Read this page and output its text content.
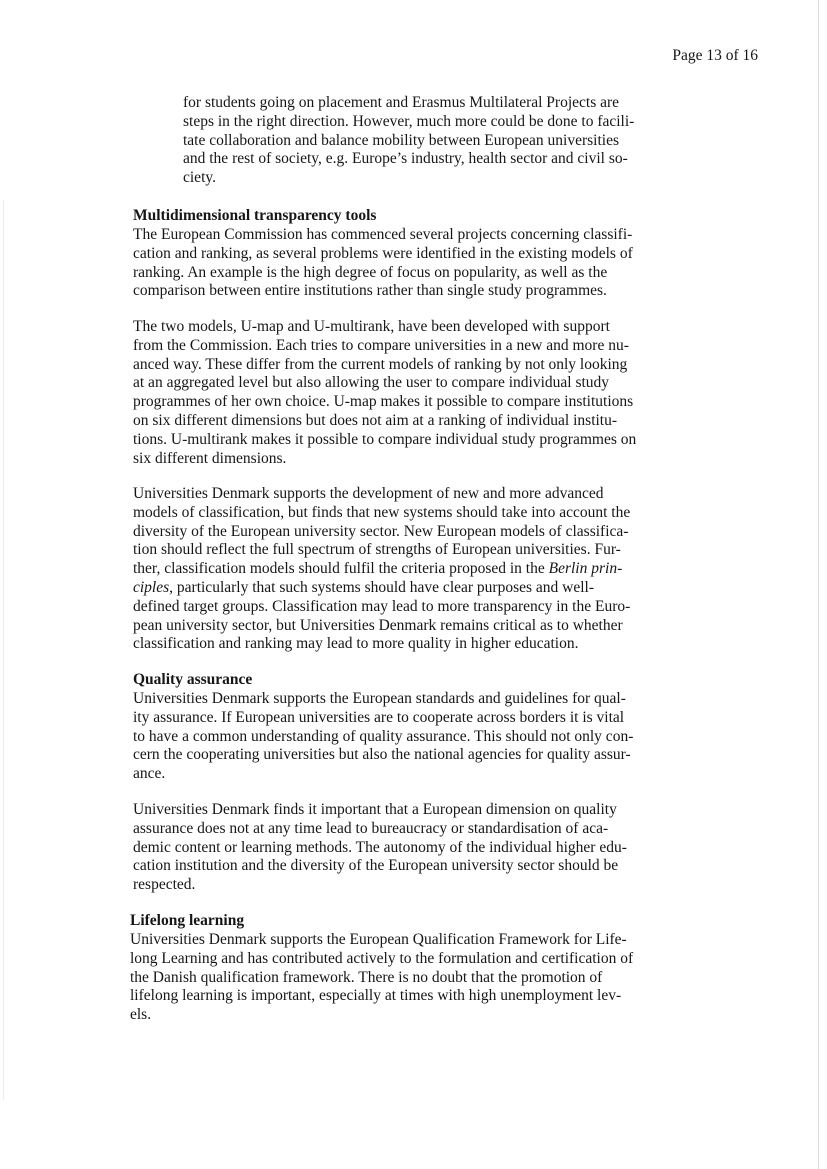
Page 13 of 16
for students going on placement and Erasmus Multilateral Projects are
steps in the right direction. However, much more could be done to facili-
tate collaboration and balance mobility between European universities
and the rest of society, e.g. Europe’s industry, health sector and civil so-
ciety.
Multidimensional transparency tools
The European Commission has commenced several projects concerning classifi-
cation and ranking, as several problems were identified in the existing models of
ranking. An example is the high degree of focus on popularity, as well as the
comparison between entire institutions rather than single study programmes.
The two models, U-map and U-multirank, have been developed with support
from the Commission. Each tries to compare universities in a new and more nu-
anced way. These differ from the current models of ranking by not only looking
at an aggregated level but also allowing the user to compare individual study
programmes of her own choice. U-map makes it possible to compare institutions
on six different dimensions but does not aim at a ranking of individual institu-
tions. U-multirank makes it possible to compare individual study programmes on
six different dimensions.
Universities Denmark supports the development of new and more advanced
models of classification, but finds that new systems should take into account the
diversity of the European university sector. New European models of classifica-
tion should reflect the full spectrum of strengths of European universities. Fur-
ther, classification models should fulfil the criteria proposed in the Berlin prin-
ciples, particularly that such systems should have clear purposes and well-
defined target groups. Classification may lead to more transparency in the Euro-
pean university sector, but Universities Denmark remains critical as to whether
classification and ranking may lead to more quality in higher education.
Quality assurance
Universities Denmark supports the European standards and guidelines for qual-
ity assurance. If European universities are to cooperate across borders it is vital
to have a common understanding of quality assurance. This should not only con-
cern the cooperating universities but also the national agencies for quality assur-
ance.
Universities Denmark finds it important that a European dimension on quality
assurance does not at any time lead to bureaucracy or standardisation of aca-
demic content or learning methods. The autonomy of the individual higher edu-
cation institution and the diversity of the European university sector should be
respected.
Lifelong learning
Universities Denmark supports the European Qualification Framework for Life-
long Learning and has contributed actively to the formulation and certification of
the Danish qualification framework. There is no doubt that the promotion of
lifelong learning is important, especially at times with high unemployment lev-
els.
